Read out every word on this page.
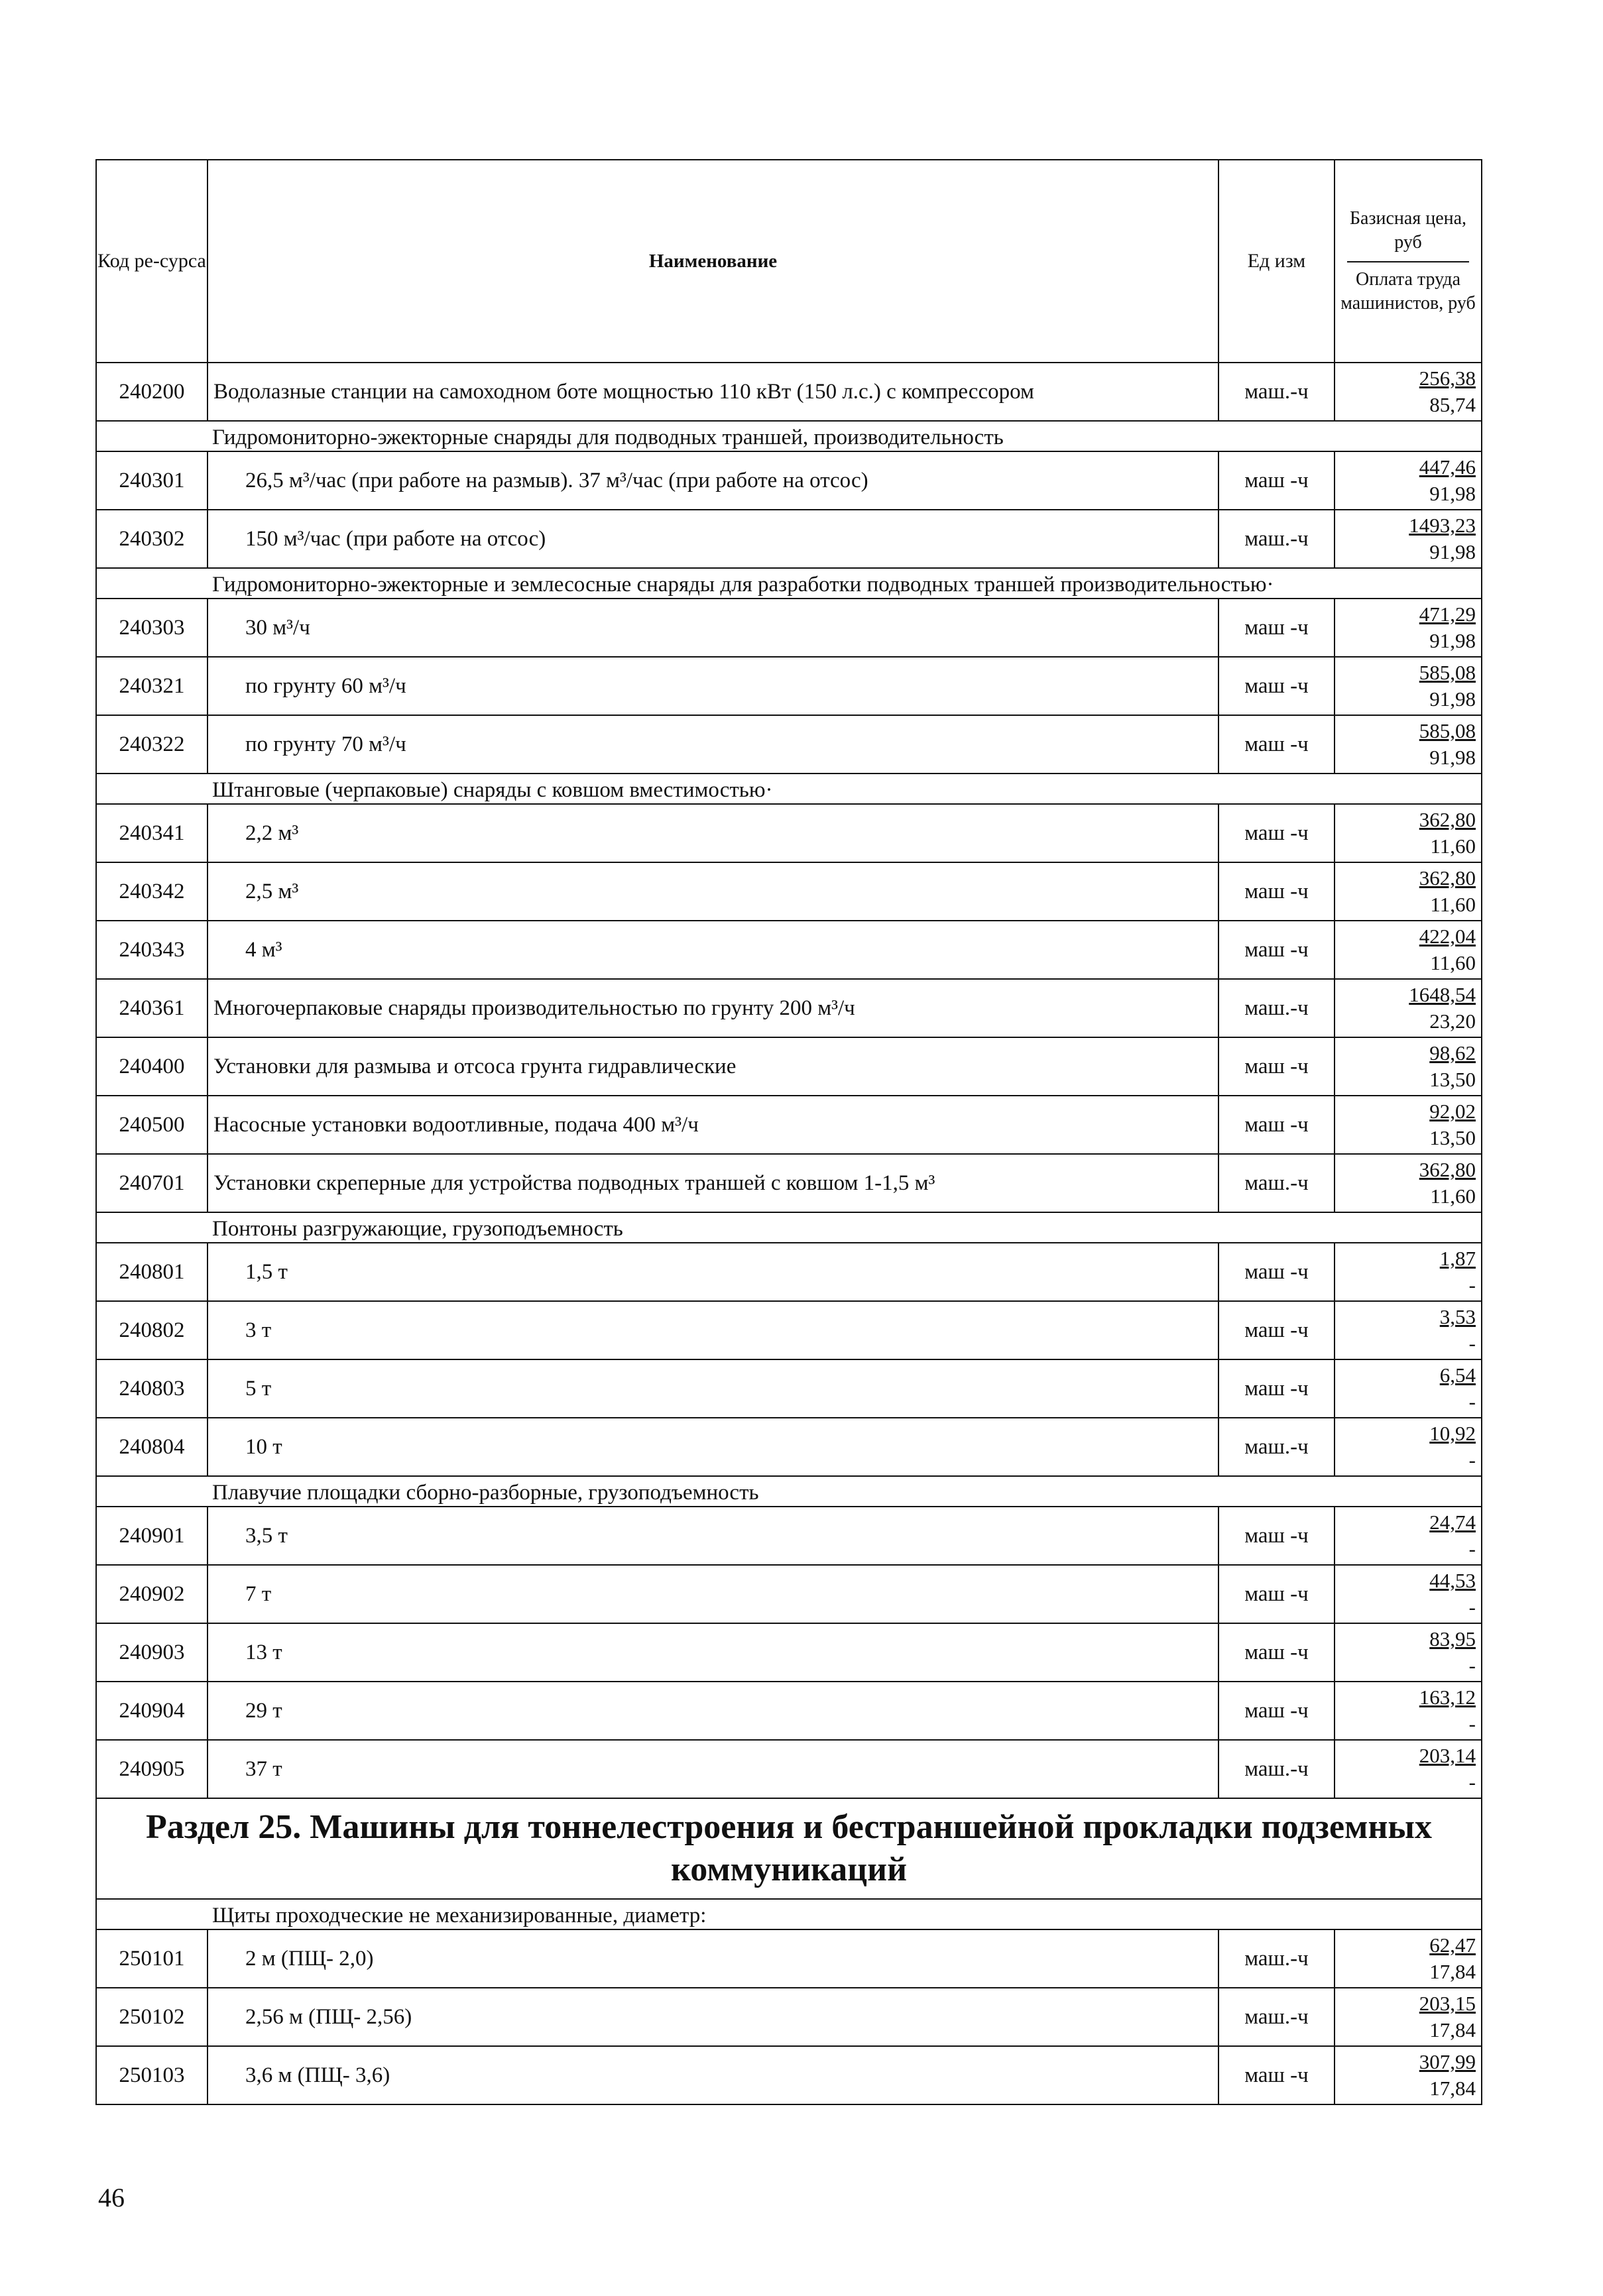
Код ре-сурса	Наименование	Ед изм	Базисная цена, руб
Оплата труда машинистов, руб

240200	Водолазные станции на самоходном боте мощностью 110 кВт (150 л.с.) с компрессором	маш.-ч	256,38
85,74

Гидромониторно-эжекторные снаряды для подводных траншей, производительность			
240301	26,5 м³/час (при работе на размыв). 37 м³/час (при работе на отсос)	маш -ч	447,46
91,98

240302	150 м³/час (при работе на отсос)	маш.-ч	1493,23
91,98

Гидромониторно-эжекторные и землесосные снаряды для разработки подводных траншей производительностью·			
240303	30 м³/ч	маш -ч	471,29
91,98

240321	по грунту 60 м³/ч	маш -ч	585,08
91,98

240322	по грунту 70 м³/ч	маш -ч	585,08
91,98

Штанговые (черпаковые) снаряды с ковшом вместимостью·			
240341	2,2 м³	маш -ч	362,80
11,60

240342	2,5 м³	маш -ч	362,80
11,60

240343	4 м³	маш -ч	422,04
11,60

240361	Многочерпаковые снаряды производительностью по грунту 200 м³/ч	маш.-ч	1648,54
23,20

240400	Установки для размыва и отсоса грунта гидравлические	маш -ч	98,62
13,50

240500	Насосные установки водоотливные, подача 400 м³/ч	маш -ч	92,02
13,50

240701	Установки скреперные для устройства подводных траншей с ковшом 1-1,5 м³	маш.-ч	362,80
11,60

Понтоны разгружающие, грузоподъемность			
240801	1,5 т	маш -ч	1,87
-

240802	3 т	маш -ч	3,53
-

240803	5 т	маш -ч	6,54
-

240804	10 т	маш.-ч	10,92
-

Плавучие площадки сборно-разборные, грузоподъемность			
240901	3,5 т	маш -ч	24,74
-

240902	7 т	маш -ч	44,53
-

240903	13 т	маш -ч	83,95
-

240904	29 т	маш -ч	163,12
-

240905	37 т	маш.-ч	203,14
-

Раздел 25. Машины для тоннелестроения и бестраншейной прокладки подземных коммуникаций			
Щиты проходческие не механизированные, диаметр:			
250101	2 м (ПЩ- 2,0)	маш.-ч	62,47
17,84

250102	2,56 м (ПЩ- 2,56)	маш.-ч	203,15
17,84

250103	3,6 м (ПЩ- 3,6)	маш -ч	307,99
17,84
46
